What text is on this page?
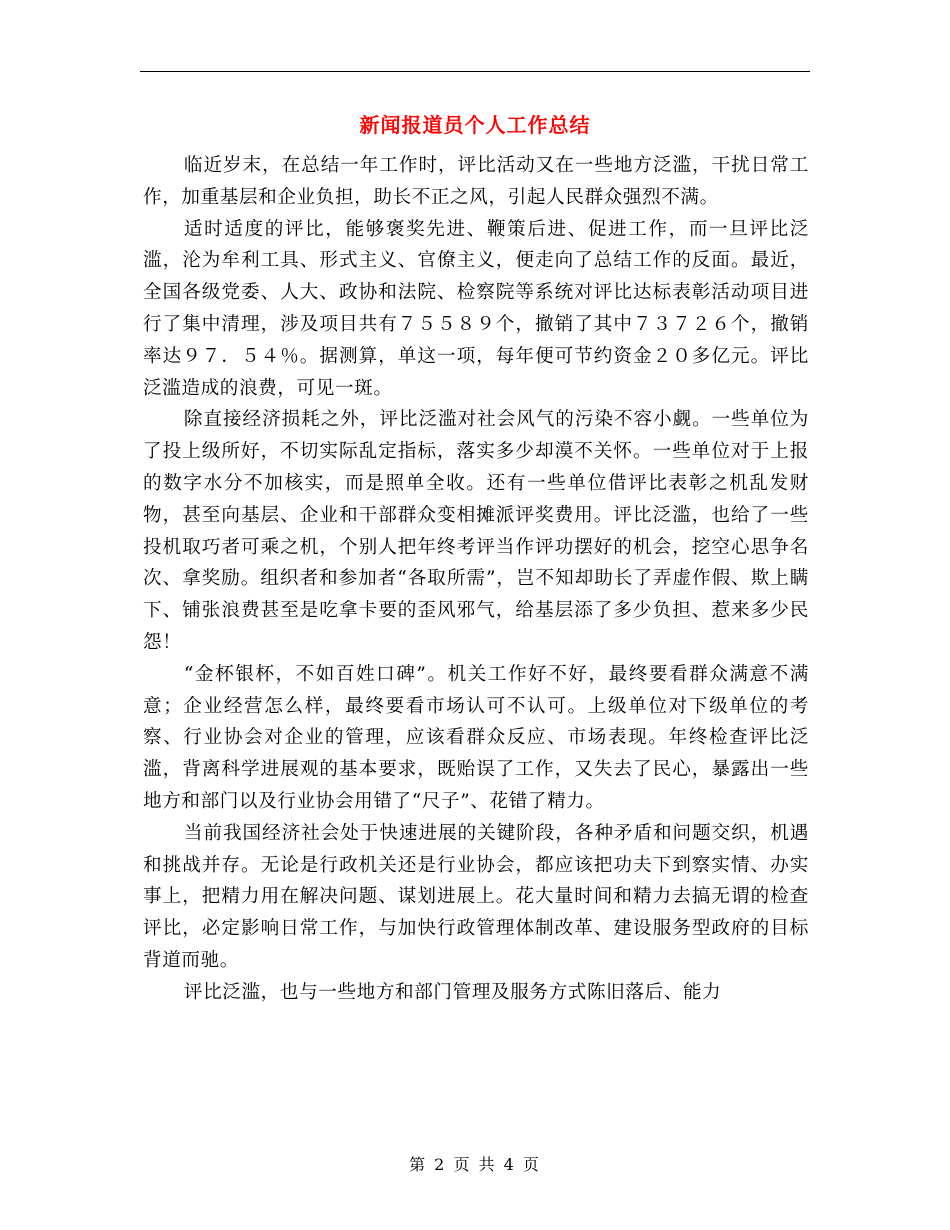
新闻报道员个人工作总结

临近岁末，在总结一年工作时，评比活动又在一些地方泛滥，干扰日常工作，加重基层和企业负担，助长不正之风，引起人民群众强烈不满。

适时适度的评比，能够褒奖先进、鞭策后进、促进工作，而一旦评比泛滥，沦为牟利工具、形式主义、官僚主义，便走向了总结工作的反面。最近，全国各级党委、人大、政协和法院、检察院等系统对评比达标表彰活动项目进行了集中清理，涉及项目共有７５５８９个，撤销了其中７３７２６个，撤销率达９７．５４％。据测算，单这一项，每年便可节约资金２０多亿元。评比泛滥造成的浪费，可见一斑。

除直接经济损耗之外，评比泛滥对社会风气的污染不容小觑。一些单位为了投上级所好，不切实际乱定指标，落实多少却漠不关怀。一些单位对于上报的数字水分不加核实，而是照单全收。还有一些单位借评比表彰之机乱发财物，甚至向基层、企业和干部群众变相摊派评奖费用。评比泛滥，也给了一些投机取巧者可乘之机，个别人把年终考评当作评功摆好的机会，挖空心思争名次、拿奖励。组织者和参加者“各取所需”，岂不知却助长了弄虚作假、欺上瞒下、铺张浪费甚至是吃拿卡要的歪风邪气，给基层添了多少负担、惹来多少民怨！

“金杯银杯，不如百姓口碑”。机关工作好不好，最终要看群众满意不满意；企业经营怎么样，最终要看市场认可不认可。上级单位对下级单位的考察、行业协会对企业的管理，应该看群众反应、市场表现。年终检查评比泛滥，背离科学进展观的基本要求，既贻误了工作，又失去了民心，暴露出一些地方和部门以及行业协会用错了“尺子”、花错了精力。

当前我国经济社会处于快速进展的关键阶段，各种矛盾和问题交织，机遇和挑战并存。无论是行政机关还是行业协会，都应该把功夫下到察实情、办实事上，把精力用在解决问题、谋划进展上。花大量时间和精力去搞无谓的检查评比，必定影响日常工作，与加快行政管理体制改革、建设服务型政府的目标背道而驰。

评比泛滥，也与一些地方和部门管理及服务方式陈旧落后、能力

第 2 页 共 4 页
